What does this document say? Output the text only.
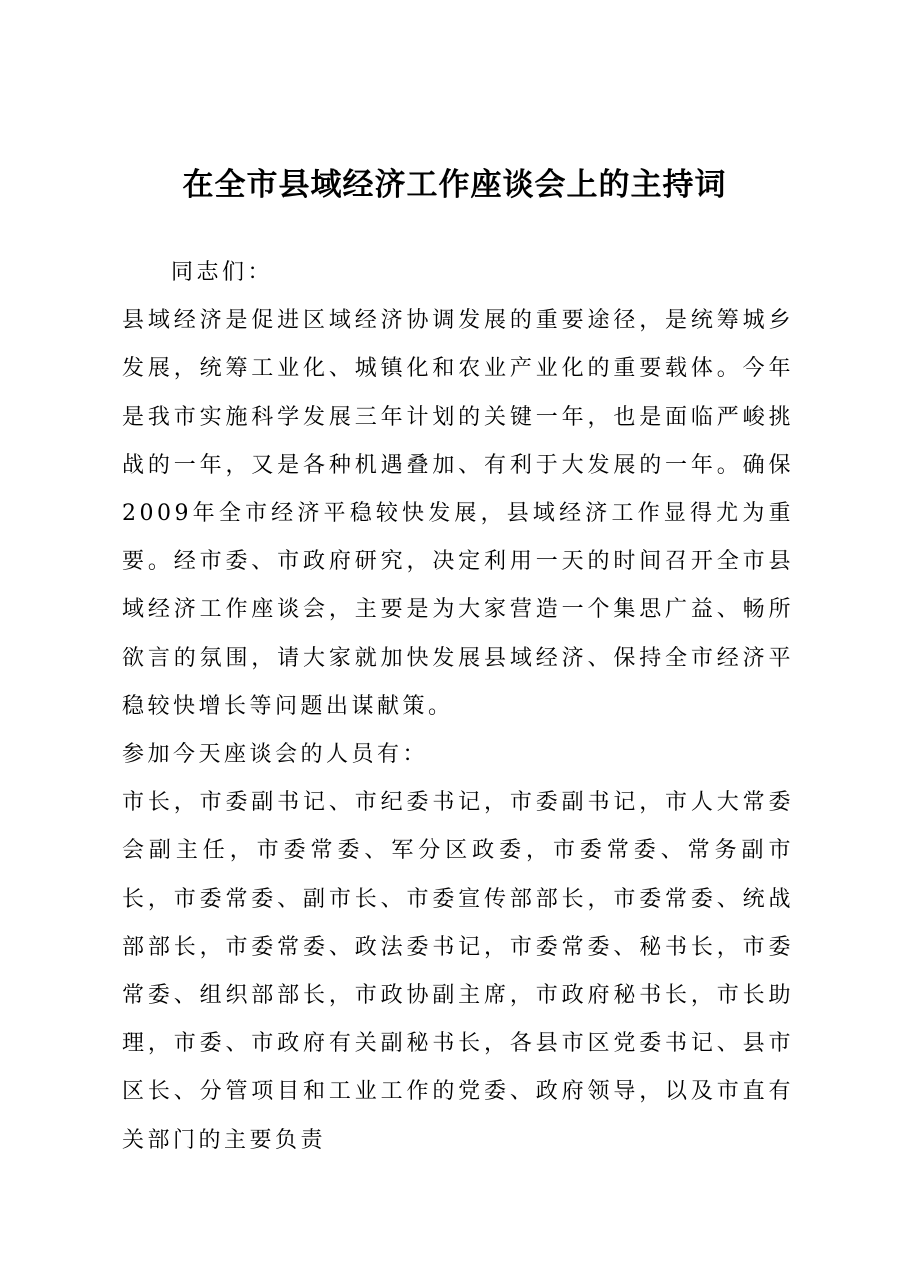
在全市县域经济工作座谈会上的主持词

同志们：

县域经济是促进区域经济协调发展的重要途径，是统筹城乡发展，统筹工业化、城镇化和农业产业化的重要载体。今年是我市实施科学发展三年计划的关键一年，也是面临严峻挑战的一年，又是各种机遇叠加、有利于大发展的一年。确保2009年全市经济平稳较快发展，县域经济工作显得尤为重要。经市委、市政府研究，决定利用一天的时间召开全市县域经济工作座谈会，主要是为大家营造一个集思广益、畅所欲言的氛围，请大家就加快发展县域经济、保持全市经济平稳较快增长等问题出谋献策。

参加今天座谈会的人员有：

市长，市委副书记、市纪委书记，市委副书记，市人大常委会副主任，市委常委、军分区政委，市委常委、常务副市长，市委常委、副市长、市委宣传部部长，市委常委、统战部部长，市委常委、政法委书记，市委常委、秘书长，市委常委、组织部部长，市政协副主席，市政府秘书长，市长助理，市委、市政府有关副秘书长，各县市区党委书记、县市区长、分管项目和工业工作的党委、政府领导，以及市直有关部门的主要负责
